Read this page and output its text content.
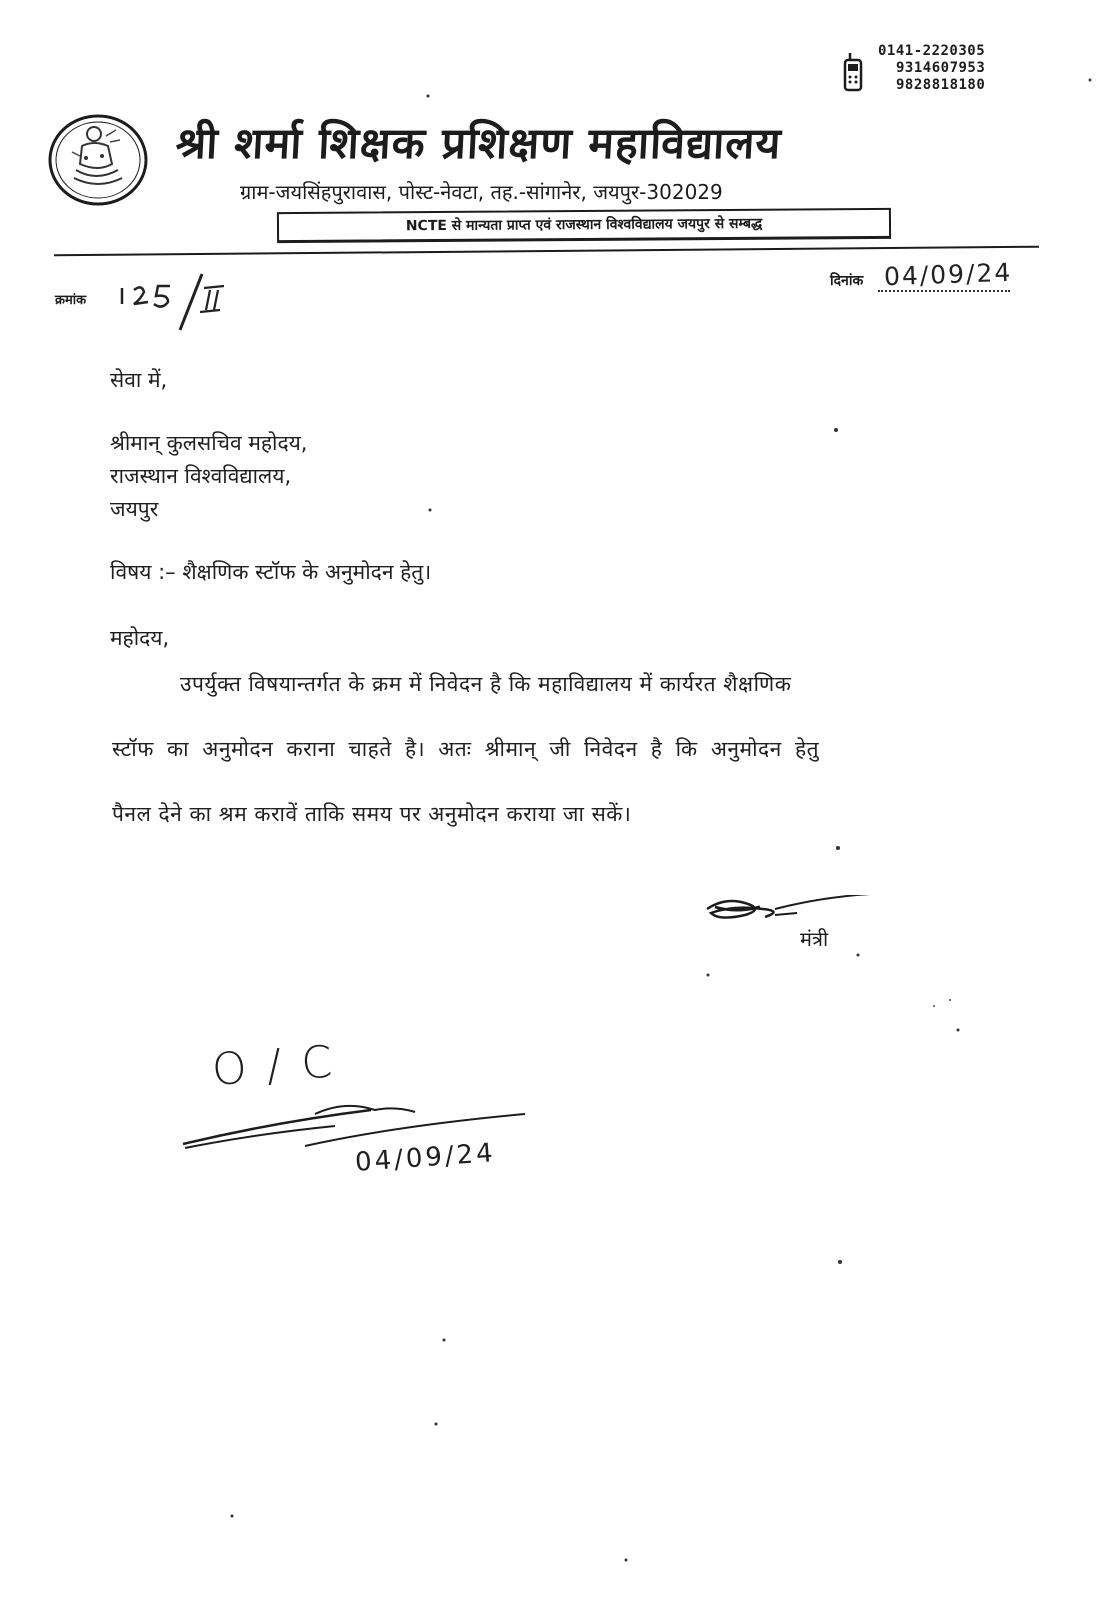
0141-2220305
9314607953
9828818180
श्री शर्मा शिक्षक प्रशिक्षण महाविद्यालय
ग्राम-जयसिंहपुरावास, पोस्ट-नेवटा, तह.-सांगानेर, जयपुर-302029
NCTE से मान्यता प्राप्त एवं राजस्थान विश्वविद्यालय जयपुर से सम्बद्ध
क्रमांक
दिनांक 04/09/24
सेवा में,
श्रीमान् कुलसचिव महोदय,
राजस्थान विश्वविद्यालय,
जयपुर
विषय :– शैक्षणिक स्टॉफ के अनुमोदन हेतु।
महोदय,
उपर्युक्त विषयान्तर्गत के क्रम में निवेदन है कि महाविद्यालय में कार्यरत शैक्षणिक
स्टॉफ का अनुमोदन कराना चाहते है। अतः श्रीमान् जी निवेदन है कि अनुमोदन हेतु
पैनल देने का श्रम करावें ताकि समय पर अनुमोदन कराया जा सकें।
मंत्री
O/C
04/09/24
